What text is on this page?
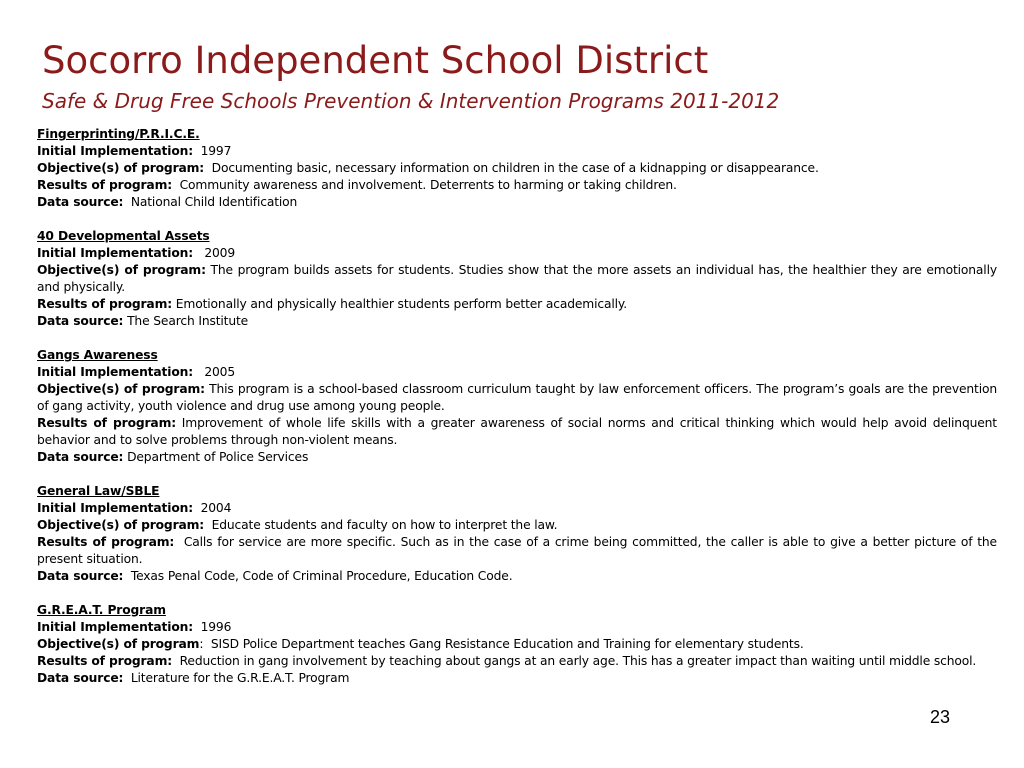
Socorro Independent School District
Safe & Drug Free Schools Prevention & Intervention Programs 2011-2012
Fingerprinting/P.R.I.C.E.
Initial Implementation: 1997
Objective(s) of program: Documenting basic, necessary information on children in the case of a kidnapping or disappearance.
Results of program: Community awareness and involvement. Deterrents to harming or taking children.
Data source: National Child Identification
40 Developmental Assets
Initial Implementation: 2009
Objective(s) of program: The program builds assets for students. Studies show that the more assets an individual has, the healthier they are emotionally and physically.
Results of program: Emotionally and physically healthier students perform better academically.
Data source: The Search Institute
Gangs Awareness
Initial Implementation: 2005
Objective(s) of program: This program is a school-based classroom curriculum taught by law enforcement officers. The program’s goals are the prevention of gang activity, youth violence and drug use among young people.
Results of program: Improvement of whole life skills with a greater awareness of social norms and critical thinking which would help avoid delinquent behavior and to solve problems through non-violent means.
Data source: Department of Police Services
General Law/SBLE
Initial Implementation: 2004
Objective(s) of program: Educate students and faculty on how to interpret the law.
Results of program: Calls for service are more specific. Such as in the case of a crime being committed, the caller is able to give a better picture of the present situation.
Data source: Texas Penal Code, Code of Criminal Procedure, Education Code.
G.R.E.A.T. Program
Initial Implementation: 1996
Objective(s) of program: SISD Police Department teaches Gang Resistance Education and Training for elementary students.
Results of program: Reduction in gang involvement by teaching about gangs at an early age. This has a greater impact than waiting until middle school.
Data source: Literature for the G.R.E.A.T. Program
23
